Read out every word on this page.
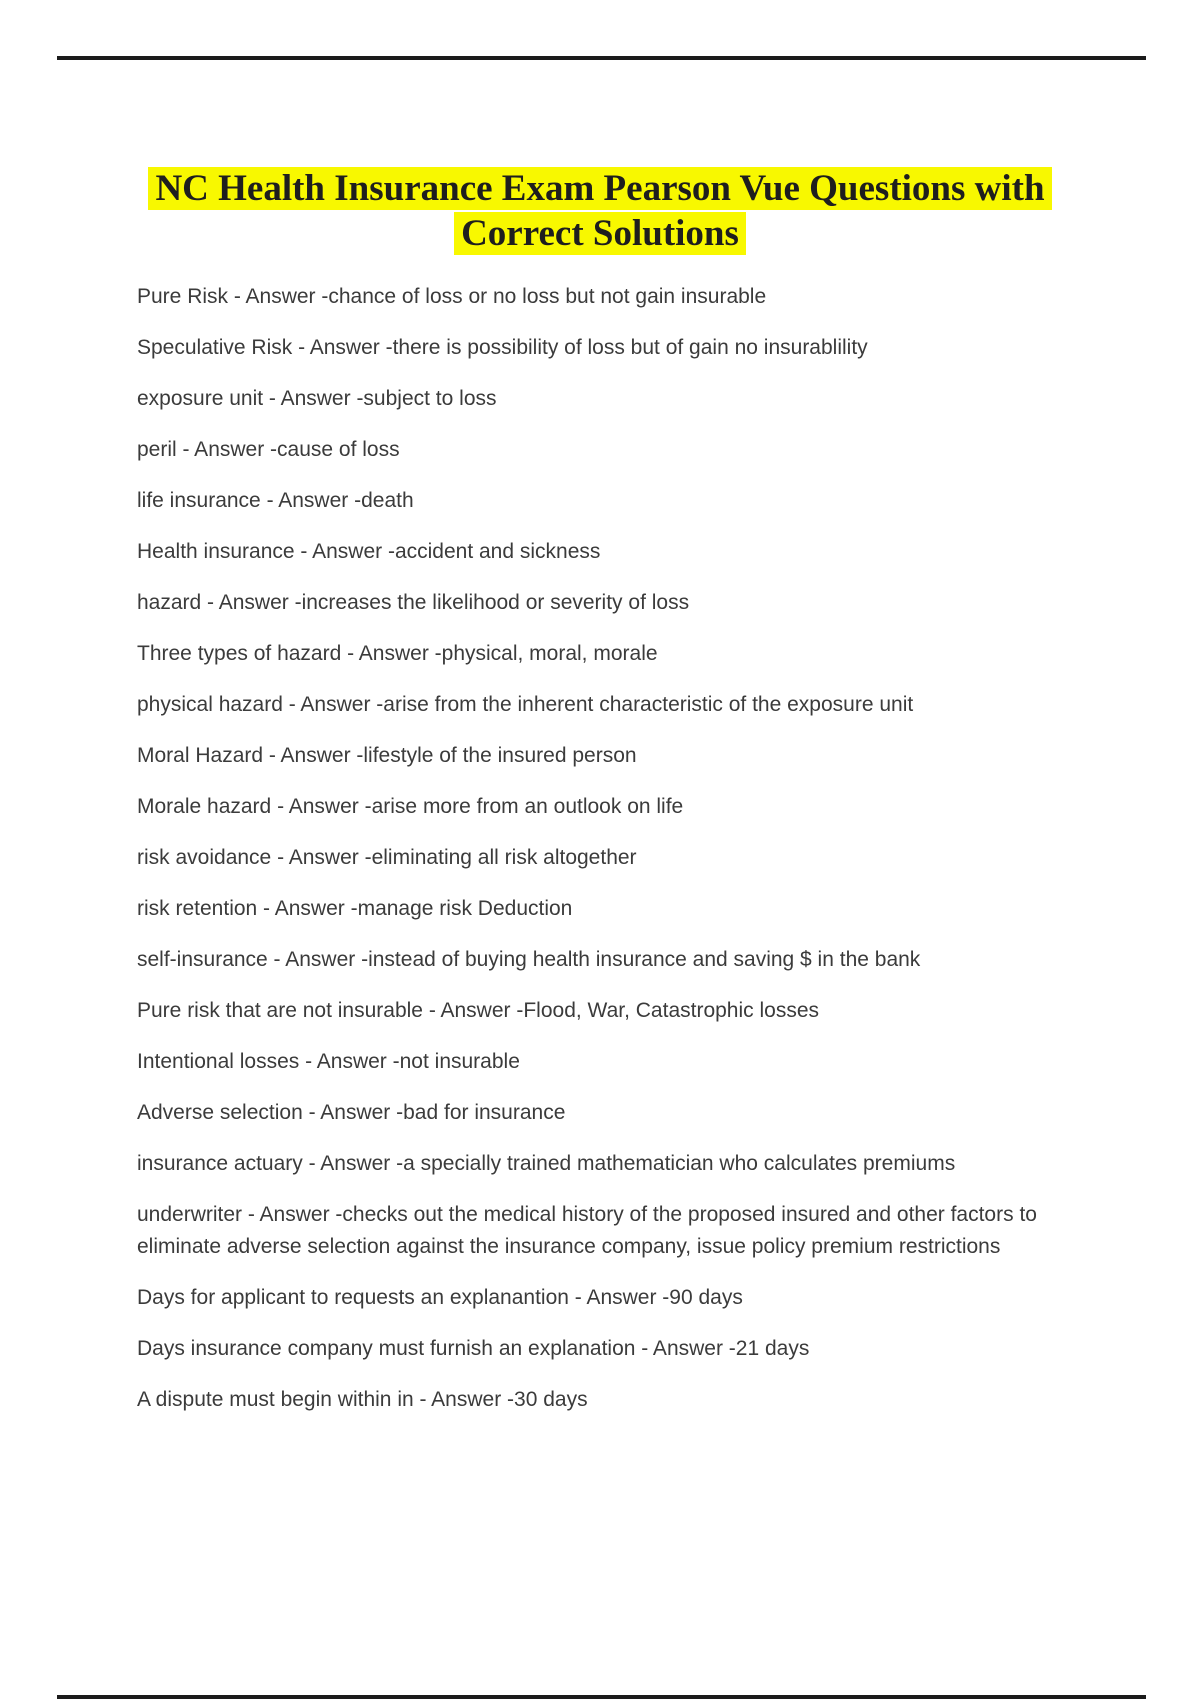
NC Health Insurance Exam Pearson Vue Questions with
Correct Solutions

Pure Risk - Answer -chance of loss or no loss but not gain insurable

Speculative Risk - Answer -there is possibility of loss but of gain no insurablility

exposure unit - Answer -subject to loss

peril - Answer -cause of loss

life insurance - Answer -death

Health insurance - Answer -accident and sickness

hazard - Answer -increases the likelihood or severity of loss

Three types of hazard - Answer -physical, moral, morale

physical hazard - Answer -arise from the inherent characteristic of the exposure unit

Moral Hazard - Answer -lifestyle of the insured person

Morale hazard - Answer -arise more from an outlook on life

risk avoidance - Answer -eliminating all risk altogether

risk retention - Answer -manage risk Deduction

self-insurance - Answer -instead of buying health insurance and saving $ in the bank

Pure risk that are not insurable - Answer -Flood, War, Catastrophic losses

Intentional losses - Answer -not insurable

Adverse selection - Answer -bad for insurance

insurance actuary - Answer -a specially trained mathematician who calculates premiums

underwriter - Answer -checks out the medical history of the proposed insured and other factors to eliminate adverse selection against the insurance company, issue policy premium restrictions

Days for applicant to requests an explanantion - Answer -90 days

Days insurance company must furnish an explanation - Answer -21 days

A dispute must begin within in - Answer -30 days
